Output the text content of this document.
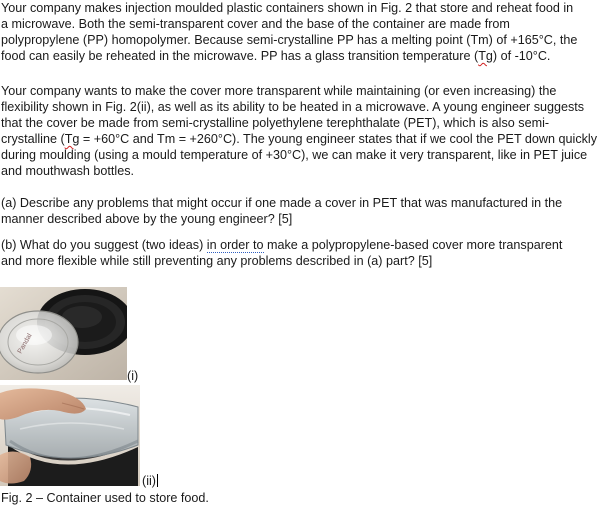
Your company makes injection moulded plastic containers shown in Fig. 2 that store and reheat food in
a microwave. Both the semi-transparent cover and the base of the container are made from
polypropylene (PP) homopolymer. Because semi-crystalline PP has a melting point (Tm) of +165°C, the
food can easily be reheated in the microwave. PP has a glass transition temperature (Tg) of -10°C.

Your company wants to make the cover more transparent while maintaining (or even increasing) the
flexibility shown in Fig. 2(ii), as well as its ability to be heated in a microwave. A young engineer suggests
that the cover be made from semi-crystalline polyethylene terephthalate (PET), which is also semi-
crystalline (Tg = +60°C and Tm = +260°C). The young engineer states that if we cool the PET down quickly
during moulding (using a mould temperature of +30°C), we can make it very transparent, like in PET juice
and mouthwash bottles.

(a) Describe any problems that might occur if one made a cover in PET that was manufactured in the
manner described above by the young engineer? [5]

(b) What do you suggest (two ideas) in order to make a polypropylene-based cover more transparent
and more flexible while still preventing any problems described in (a) part? [5]

Pandal
(i)
(ii)

Fig. 2 – Container used to store food.
